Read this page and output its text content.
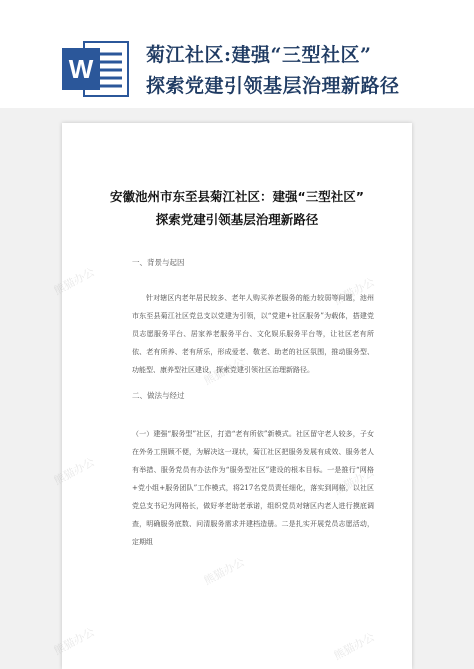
W	菊江社区:建强“三型社区”
探索党建引领基层治理新路径
安徽池州市东至县菊江社区：建强“三型社区”
探索党建引领基层治理新路径
一、背景与起因
针对辖区内老年居民较多、老年人购买养老服务的能力较弱等问题，池州市东至县菊江社区党总支以党建为引领，以“党建+社区服务”为载体，搭建党员志愿服务平台、居家养老服务平台、文化娱乐服务平台等，让社区老有所依、老有所养、老有所乐，形成爱老、敬老、助老的社区氛围，推动服务型、功能型、康养型社区建设，探索党建引领社区治理新路径。
二、做法与经过
（一）建强“服务型”社区，打造“老有所依”新模式。社区留守老人较多，子女在外务工照顾不便，为解决这一现状，菊江社区把服务发展有成效、服务老人有举措、服务党员有办法作为“服务型社区”建设的根本目标。一是推行“网格+党小组+服务团队”工作模式，将217名党员责任细化，落实到网格，以社区党总支书记为网格长，做好孝老助老承诺，组织党员对辖区内老人进行摸底调查，明确服务底数、问清服务需求并建档造册。二是扎实开展党员志愿活动，定期组
熊猫办公	熊猫办公
熊猫办公
熊猫办公	熊猫办公
熊猫办公
熊猫办公	熊猫办公
